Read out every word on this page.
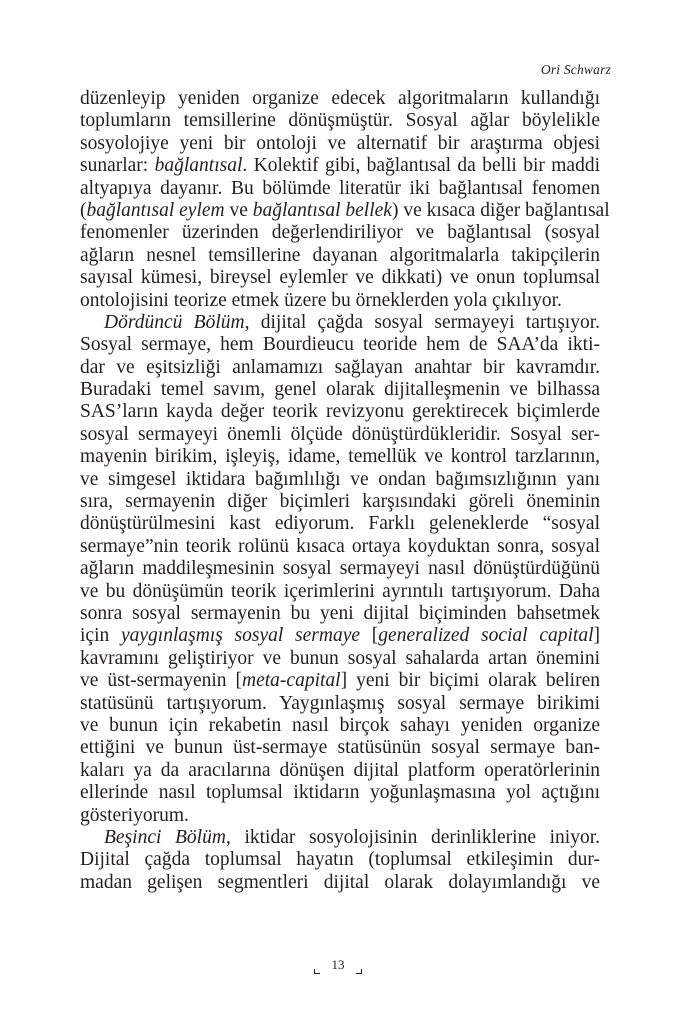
Ori Schwarz
düzenleyip yeniden organize edecek algoritmaların kullandığı
toplumların temsillerine dönüşmüştür. Sosyal ağlar böylelikle
sosyolojiye yeni bir ontoloji ve alternatif bir araştırma objesi
sunarlar: bağlantısal. Kolektif gibi, bağlantısal da belli bir maddi
altyapıya dayanır. Bu bölümde literatür iki bağlantısal fenomen
(bağlantısal eylem ve bağlantısal bellek) ve kısaca diğer bağlantısal
fenomenler üzerinden değerlendiriliyor ve bağlantısal (sosyal
ağların nesnel temsillerine dayanan algoritmalarla takipçilerin
sayısal kümesi, bireysel eylemler ve dikkati) ve onun toplumsal
ontolojisini teorize etmek üzere bu örneklerden yola çıkılıyor.
Dördüncü Bölüm, dijital çağda sosyal sermayeyi tartışıyor.
Sosyal sermaye, hem Bourdieucu teoride hem de SAA’da ikti-
dar ve eşitsizliği anlamamızı sağlayan anahtar bir kavramdır.
Buradaki temel savım, genel olarak dijitalleşmenin ve bilhassa
SAS’ların kayda değer teorik revizyonu gerektirecek biçimlerde
sosyal sermayeyi önemli ölçüde dönüştürdükleridir. Sosyal ser-
mayenin birikim, işleyiş, idame, temellük ve kontrol tarzlarının,
ve simgesel iktidara bağımlılığı ve ondan bağımsızlığının yanı
sıra, sermayenin diğer biçimleri karşısındaki göreli öneminin
dönüştürülmesini kast ediyorum. Farklı geleneklerde “sosyal
sermaye”nin teorik rolünü kısaca ortaya koyduktan sonra, sosyal
ağların maddileşmesinin sosyal sermayeyi nasıl dönüştürdüğünü
ve bu dönüşümün teorik içerimlerini ayrıntılı tartışıyorum. Daha
sonra sosyal sermayenin bu yeni dijital biçiminden bahsetmek
için yaygınlaşmış sosyal sermaye [generalized social capital]
kavramını geliştiriyor ve bunun sosyal sahalarda artan önemini
ve üst-sermayenin [meta-capital] yeni bir biçimi olarak beliren
statüsünü tartışıyorum. Yaygınlaşmış sosyal sermaye birikimi
ve bunun için rekabetin nasıl birçok sahayı yeniden organize
ettiğini ve bunun üst-sermaye statüsünün sosyal sermaye ban-
kaları ya da aracılarına dönüşen dijital platform operatörlerinin
ellerinde nasıl toplumsal iktidarın yoğunlaşmasına yol açtığını
gösteriyorum.
Beşinci Bölüm, iktidar sosyolojisinin derinliklerine iniyor.
Dijital çağda toplumsal hayatın (toplumsal etkileşimin dur-
madan gelişen segmentleri dijital olarak dolayımlandığı ve
13
